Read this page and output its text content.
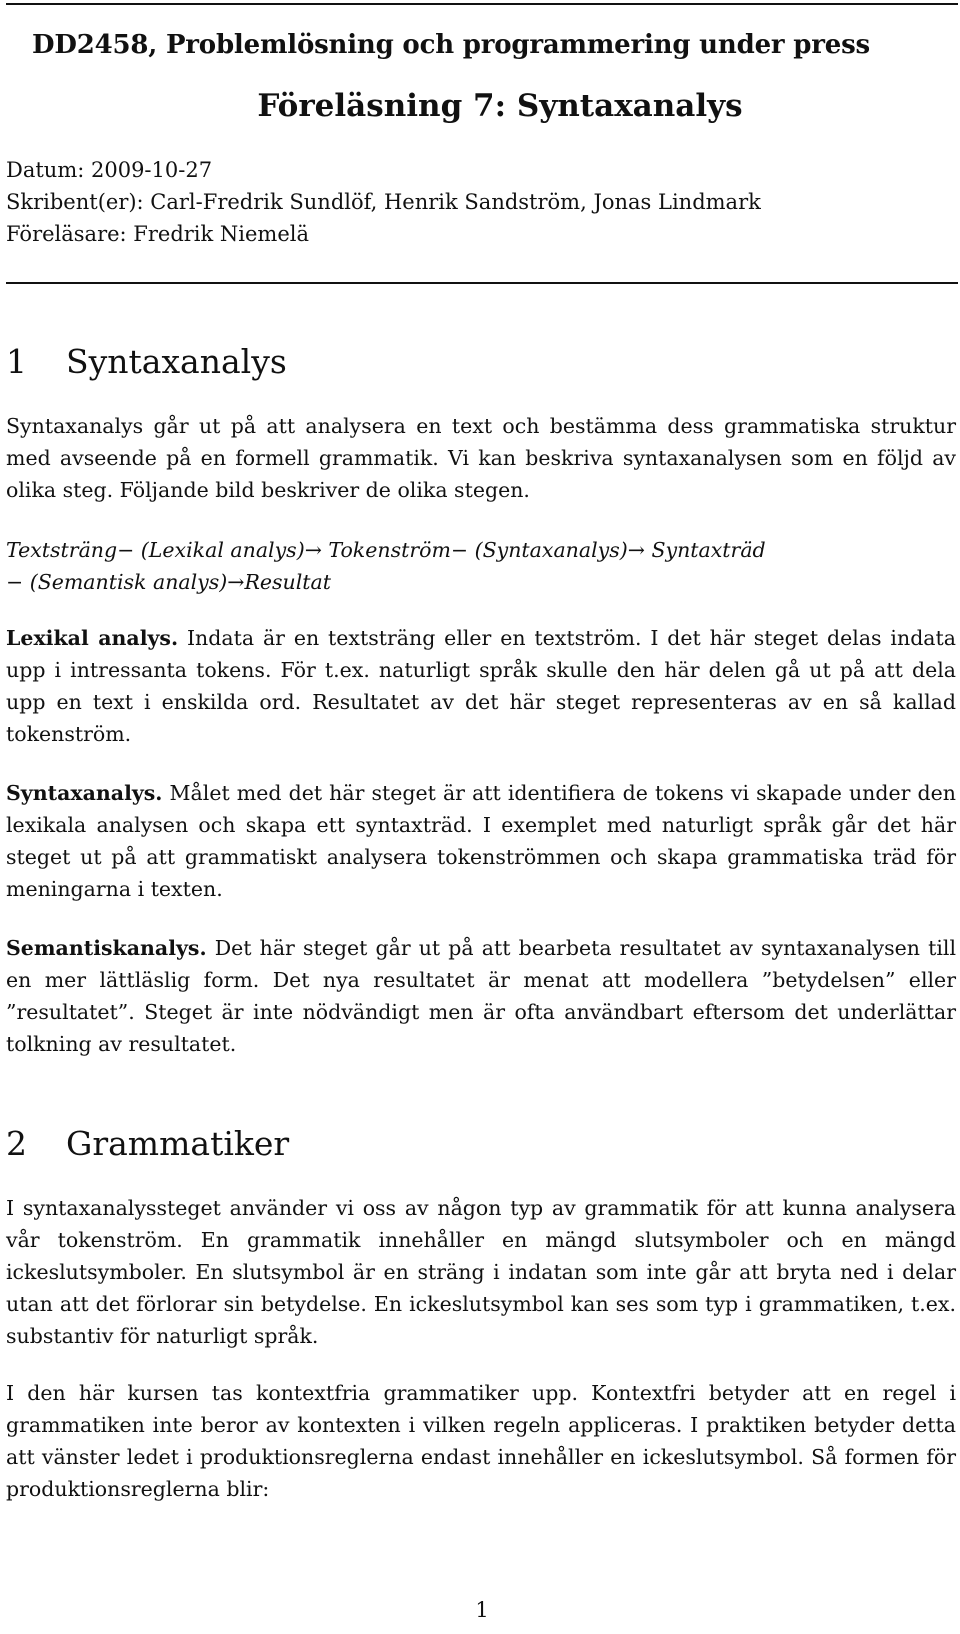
DD2458, Problemlösning och programmering under press
Föreläsning 7: Syntaxanalys
Datum: 2009-10-27
Skribent(er): Carl-Fredrik Sundlöf, Henrik Sandström, Jonas Lindmark
Föreläsare: Fredrik Niemelä
1 Syntaxanalys
Syntaxanalys går ut på att analysera en text och bestämma dess grammatiska struktur med avseende på en formell grammatik. Vi kan beskriva syntaxanalysen som en följd av olika steg. Följande bild beskriver de olika stegen.
Textsträng− (Lexikal analys)→ Tokenström− (Syntaxanalys)→ Syntaxträd
− (Semantisk analys)→Resultat
Lexikal analys. Indata är en textsträng eller en textström. I det här steget delas indata upp i intressanta tokens. För t.ex. naturligt språk skulle den här delen gå ut på att dela upp en text i enskilda ord. Resultatet av det här steget representeras av en så kallad tokenström.
Syntaxanalys. Målet med det här steget är att identifiera de tokens vi skapade under den lexikala analysen och skapa ett syntaxträd. I exemplet med naturligt språk går det här steget ut på att grammatiskt analysera tokenströmmen och skapa grammatiska träd för meningarna i texten.
Semantiskanalys. Det här steget går ut på att bearbeta resultatet av syntaxanalysen till en mer lättläslig form. Det nya resultatet är menat att modellera ”betydelsen” eller ”resultatet”. Steget är inte nödvändigt men är ofta användbart eftersom det underlättar tolkning av resultatet.
2 Grammatiker
I syntaxanalyssteget använder vi oss av någon typ av grammatik för att kunna analysera vår tokenström. En grammatik innehåller en mängd slutsymboler och en mängd ickeslutsymboler. En slutsymbol är en sträng i indatan som inte går att bryta ned i delar utan att det förlorar sin betydelse. En ickeslutsymbol kan ses som typ i grammatiken, t.ex. substantiv för naturligt språk.
I den här kursen tas kontextfria grammatiker upp. Kontextfri betyder att en regel i grammatiken inte beror av kontexten i vilken regeln appliceras. I praktiken betyder detta att vänster ledet i produktionsreglerna endast innehåller en ickeslutsymbol. Så formen för produktionsreglerna blir:
1
